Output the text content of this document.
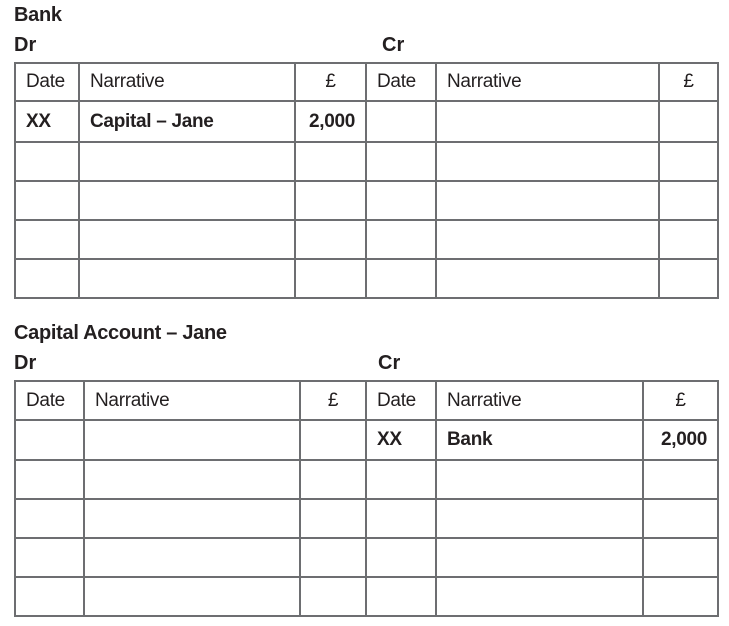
Bank
Dr	Cr
Date	Narrative	£	Date	Narrative	£
XX	Capital – Jane	2,000			

Capital Account – Jane
Dr	Cr
Date	Narrative	£	Date	Narrative	£
			XX	Bank	2,000
